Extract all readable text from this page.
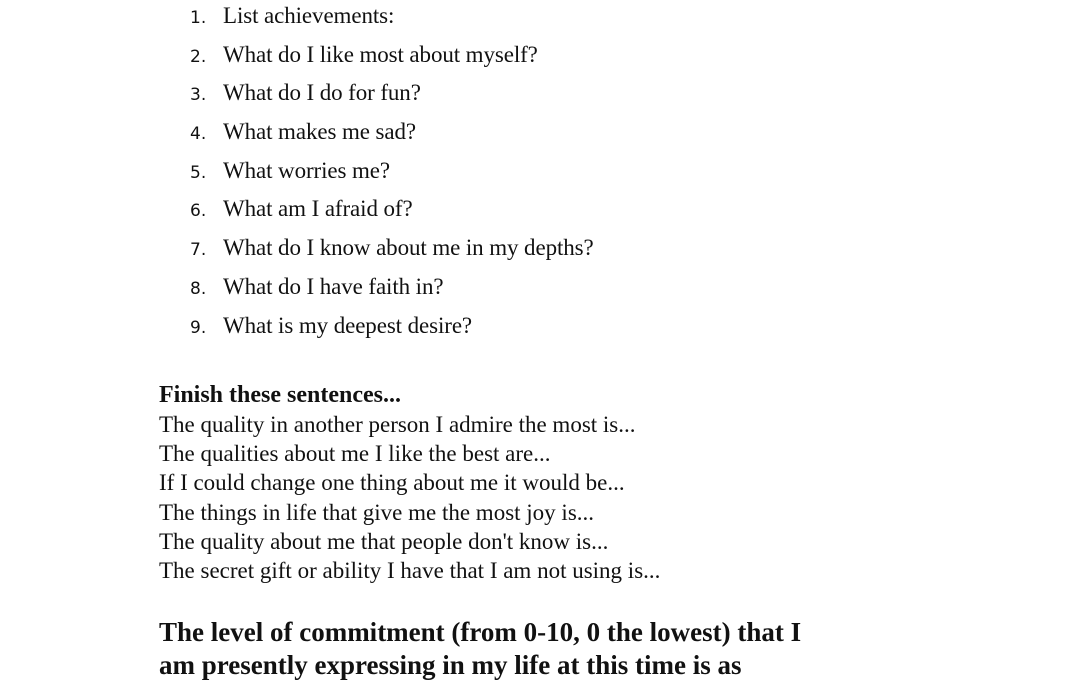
1. List achievements:
2. What do I like most about myself?
3. What do I do for fun?
4. What makes me sad?
5. What worries me?
6. What am I afraid of?
7. What do I know about me in my depths?
8. What do I have faith in?
9. What is my deepest desire?
Finish these sentences...
The quality in another person I admire the most is...
The qualities about me I like the best are...
If I could change one thing about me it would be...
The things in life that give me the most joy is...
The quality about me that people don't know is...
The secret gift or ability I have that I am not using is...

The level of commitment (from 0-10, 0 the lowest) that I
am presently expressing in my life at this time is as
